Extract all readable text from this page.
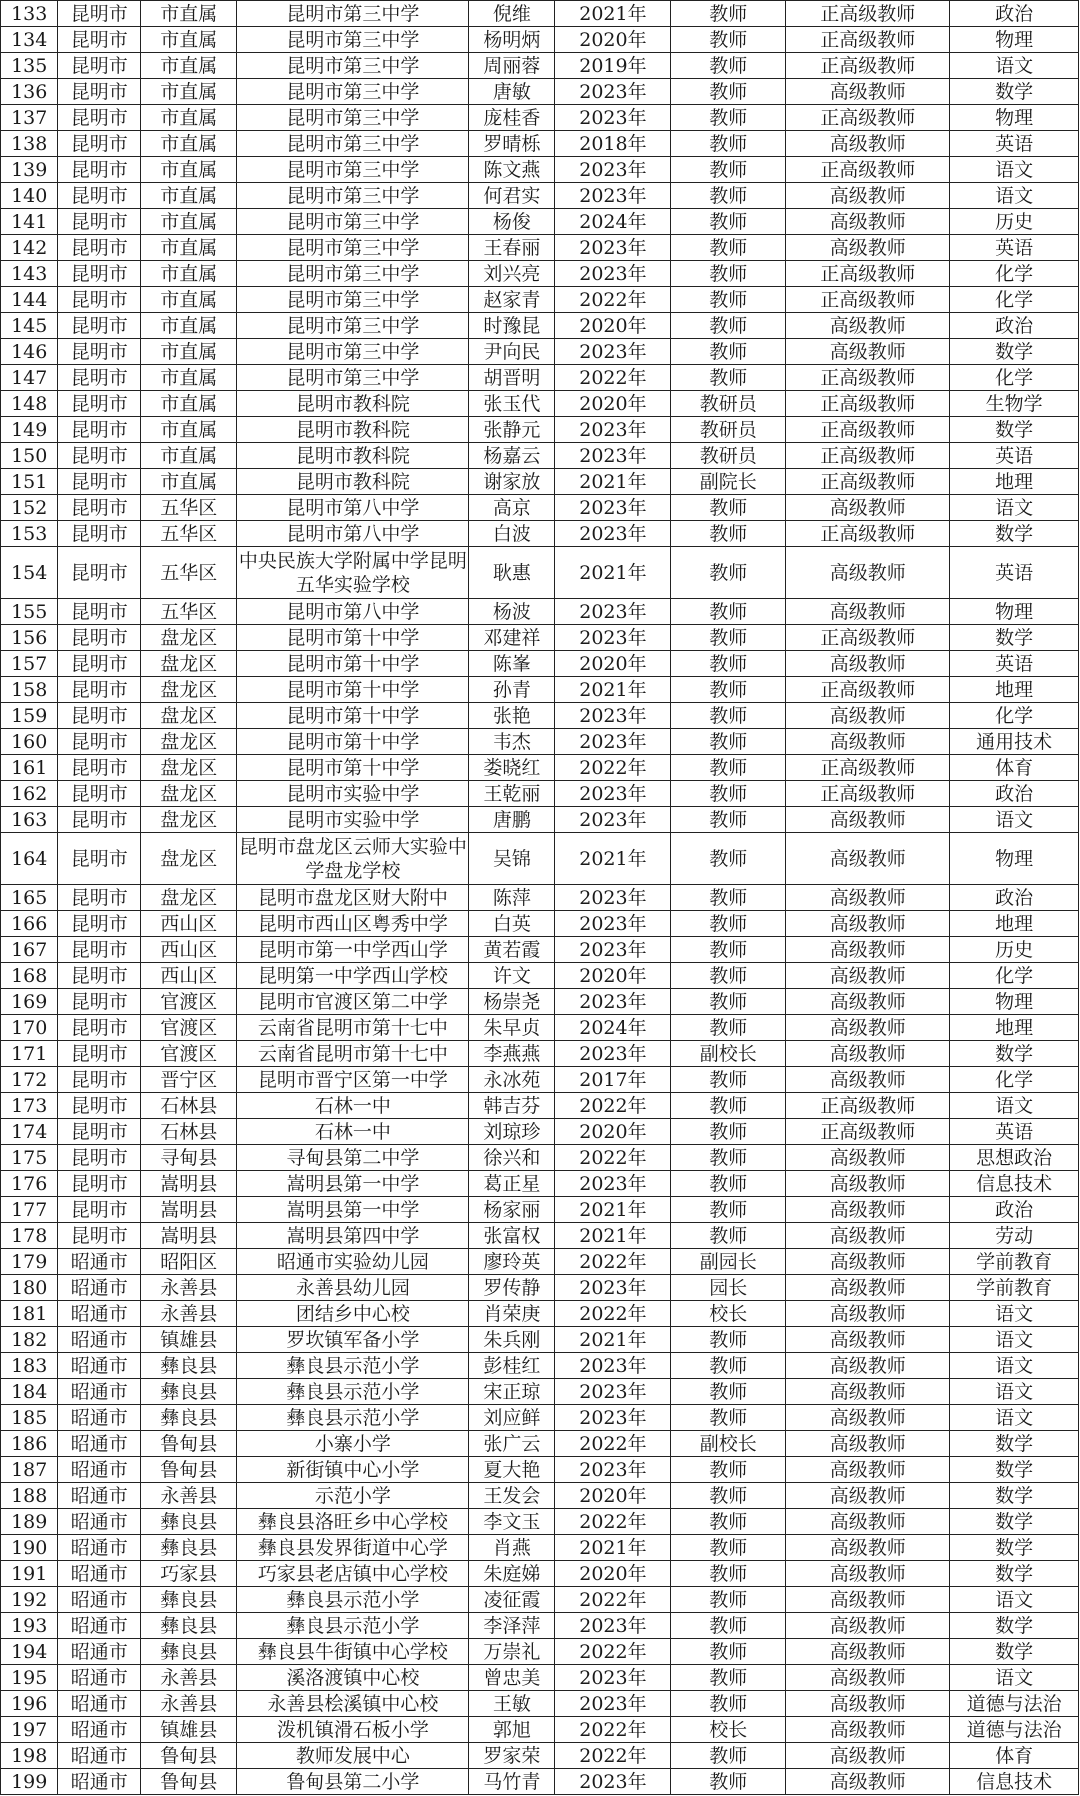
133	昆明市	市直属	昆明市第三中学	倪维	2021年	教师	正高级教师	政治
134	昆明市	市直属	昆明市第三中学	杨明炳	2020年	教师	正高级教师	物理
135	昆明市	市直属	昆明市第三中学	周丽蓉	2019年	教师	正高级教师	语文
136	昆明市	市直属	昆明市第三中学	唐敏	2023年	教师	高级教师	数学
137	昆明市	市直属	昆明市第三中学	庞桂香	2023年	教师	正高级教师	物理
138	昆明市	市直属	昆明市第三中学	罗晴栎	2018年	教师	高级教师	英语
139	昆明市	市直属	昆明市第三中学	陈文燕	2023年	教师	正高级教师	语文
140	昆明市	市直属	昆明市第三中学	何君实	2023年	教师	高级教师	语文
141	昆明市	市直属	昆明市第三中学	杨俊	2024年	教师	高级教师	历史
142	昆明市	市直属	昆明市第三中学	王春丽	2023年	教师	高级教师	英语
143	昆明市	市直属	昆明市第三中学	刘兴亮	2023年	教师	正高级教师	化学
144	昆明市	市直属	昆明市第三中学	赵家青	2022年	教师	正高级教师	化学
145	昆明市	市直属	昆明市第三中学	时豫昆	2020年	教师	高级教师	政治
146	昆明市	市直属	昆明市第三中学	尹向民	2023年	教师	高级教师	数学
147	昆明市	市直属	昆明市第三中学	胡晋明	2022年	教师	正高级教师	化学
148	昆明市	市直属	昆明市教科院	张玉代	2020年	教研员	正高级教师	生物学
149	昆明市	市直属	昆明市教科院	张静元	2023年	教研员	正高级教师	数学
150	昆明市	市直属	昆明市教科院	杨嘉云	2023年	教研员	正高级教师	英语
151	昆明市	市直属	昆明市教科院	谢家放	2021年	副院长	正高级教师	地理
152	昆明市	五华区	昆明市第八中学	高京	2023年	教师	高级教师	语文
153	昆明市	五华区	昆明市第八中学	白波	2023年	教师	正高级教师	数学
154	昆明市	五华区	中央民族大学附属中学昆明五华实验学校	耿惠	2021年	教师	高级教师	英语
155	昆明市	五华区	昆明市第八中学	杨波	2023年	教师	高级教师	物理
156	昆明市	盘龙区	昆明市第十中学	邓建祥	2023年	教师	正高级教师	数学
157	昆明市	盘龙区	昆明市第十中学	陈峯	2020年	教师	高级教师	英语
158	昆明市	盘龙区	昆明市第十中学	孙青	2021年	教师	正高级教师	地理
159	昆明市	盘龙区	昆明市第十中学	张艳	2023年	教师	高级教师	化学
160	昆明市	盘龙区	昆明市第十中学	韦杰	2023年	教师	高级教师	通用技术
161	昆明市	盘龙区	昆明市第十中学	娄晓红	2022年	教师	正高级教师	体育
162	昆明市	盘龙区	昆明市实验中学	王乾丽	2023年	教师	正高级教师	政治
163	昆明市	盘龙区	昆明市实验中学	唐鹏	2023年	教师	高级教师	语文
164	昆明市	盘龙区	昆明市盘龙区云师大实验中学盘龙学校	吴锦	2021年	教师	高级教师	物理
165	昆明市	盘龙区	昆明市盘龙区财大附中	陈萍	2023年	教师	高级教师	政治
166	昆明市	西山区	昆明市西山区粤秀中学	白英	2023年	教师	高级教师	地理
167	昆明市	西山区	昆明市第一中学西山学	黄若霞	2023年	教师	高级教师	历史
168	昆明市	西山区	昆明第一中学西山学校	许文	2020年	教师	高级教师	化学
169	昆明市	官渡区	昆明市官渡区第二中学	杨崇尧	2023年	教师	高级教师	物理
170	昆明市	官渡区	云南省昆明市第十七中	朱早贞	2024年	教师	高级教师	地理
171	昆明市	官渡区	云南省昆明市第十七中	李燕燕	2023年	副校长	高级教师	数学
172	昆明市	晋宁区	昆明市晋宁区第一中学	永冰苑	2017年	教师	高级教师	化学
173	昆明市	石林县	石林一中	韩吉芬	2022年	教师	正高级教师	语文
174	昆明市	石林县	石林一中	刘琼珍	2020年	教师	正高级教师	英语
175	昆明市	寻甸县	寻甸县第二中学	徐兴和	2022年	教师	高级教师	思想政治
176	昆明市	嵩明县	嵩明县第一中学	葛正星	2023年	教师	高级教师	信息技术
177	昆明市	嵩明县	嵩明县第一中学	杨家丽	2021年	教师	高级教师	政治
178	昆明市	嵩明县	嵩明县第四中学	张富权	2021年	教师	高级教师	劳动
179	昭通市	昭阳区	昭通市实验幼儿园	廖玲英	2022年	副园长	高级教师	学前教育
180	昭通市	永善县	永善县幼儿园	罗传静	2023年	园长	高级教师	学前教育
181	昭通市	永善县	团结乡中心校	肖荣庚	2022年	校长	高级教师	语文
182	昭通市	镇雄县	罗坎镇军备小学	朱兵刚	2021年	教师	高级教师	语文
183	昭通市	彝良县	彝良县示范小学	彭桂红	2023年	教师	高级教师	语文
184	昭通市	彝良县	彝良县示范小学	宋正琼	2023年	教师	高级教师	语文
185	昭通市	彝良县	彝良县示范小学	刘应鲜	2023年	教师	高级教师	语文
186	昭通市	鲁甸县	小寨小学	张广云	2022年	副校长	高级教师	数学
187	昭通市	鲁甸县	新街镇中心小学	夏大艳	2023年	教师	高级教师	数学
188	昭通市	永善县	示范小学	王发会	2020年	教师	高级教师	数学
189	昭通市	彝良县	彝良县洛旺乡中心学校	李文玉	2022年	教师	高级教师	数学
190	昭通市	彝良县	彝良县发界街道中心学	肖燕	2021年	教师	高级教师	数学
191	昭通市	巧家县	巧家县老店镇中心学校	朱庭娣	2020年	教师	高级教师	数学
192	昭通市	彝良县	彝良县示范小学	凌征霞	2022年	教师	高级教师	语文
193	昭通市	彝良县	彝良县示范小学	李泽萍	2023年	教师	高级教师	数学
194	昭通市	彝良县	彝良县牛街镇中心学校	万崇礼	2022年	教师	高级教师	数学
195	昭通市	永善县	溪洛渡镇中心校	曾忠美	2023年	教师	高级教师	语文
196	昭通市	永善县	永善县桧溪镇中心校	王敏	2023年	教师	高级教师	道德与法治
197	昭通市	镇雄县	泼机镇滑石板小学	郭旭	2022年	校长	高级教师	道德与法治
198	昭通市	鲁甸县	教师发展中心	罗家荣	2022年	教师	高级教师	体育
199	昭通市	鲁甸县	鲁甸县第二小学	马竹青	2023年	教师	高级教师	信息技术
